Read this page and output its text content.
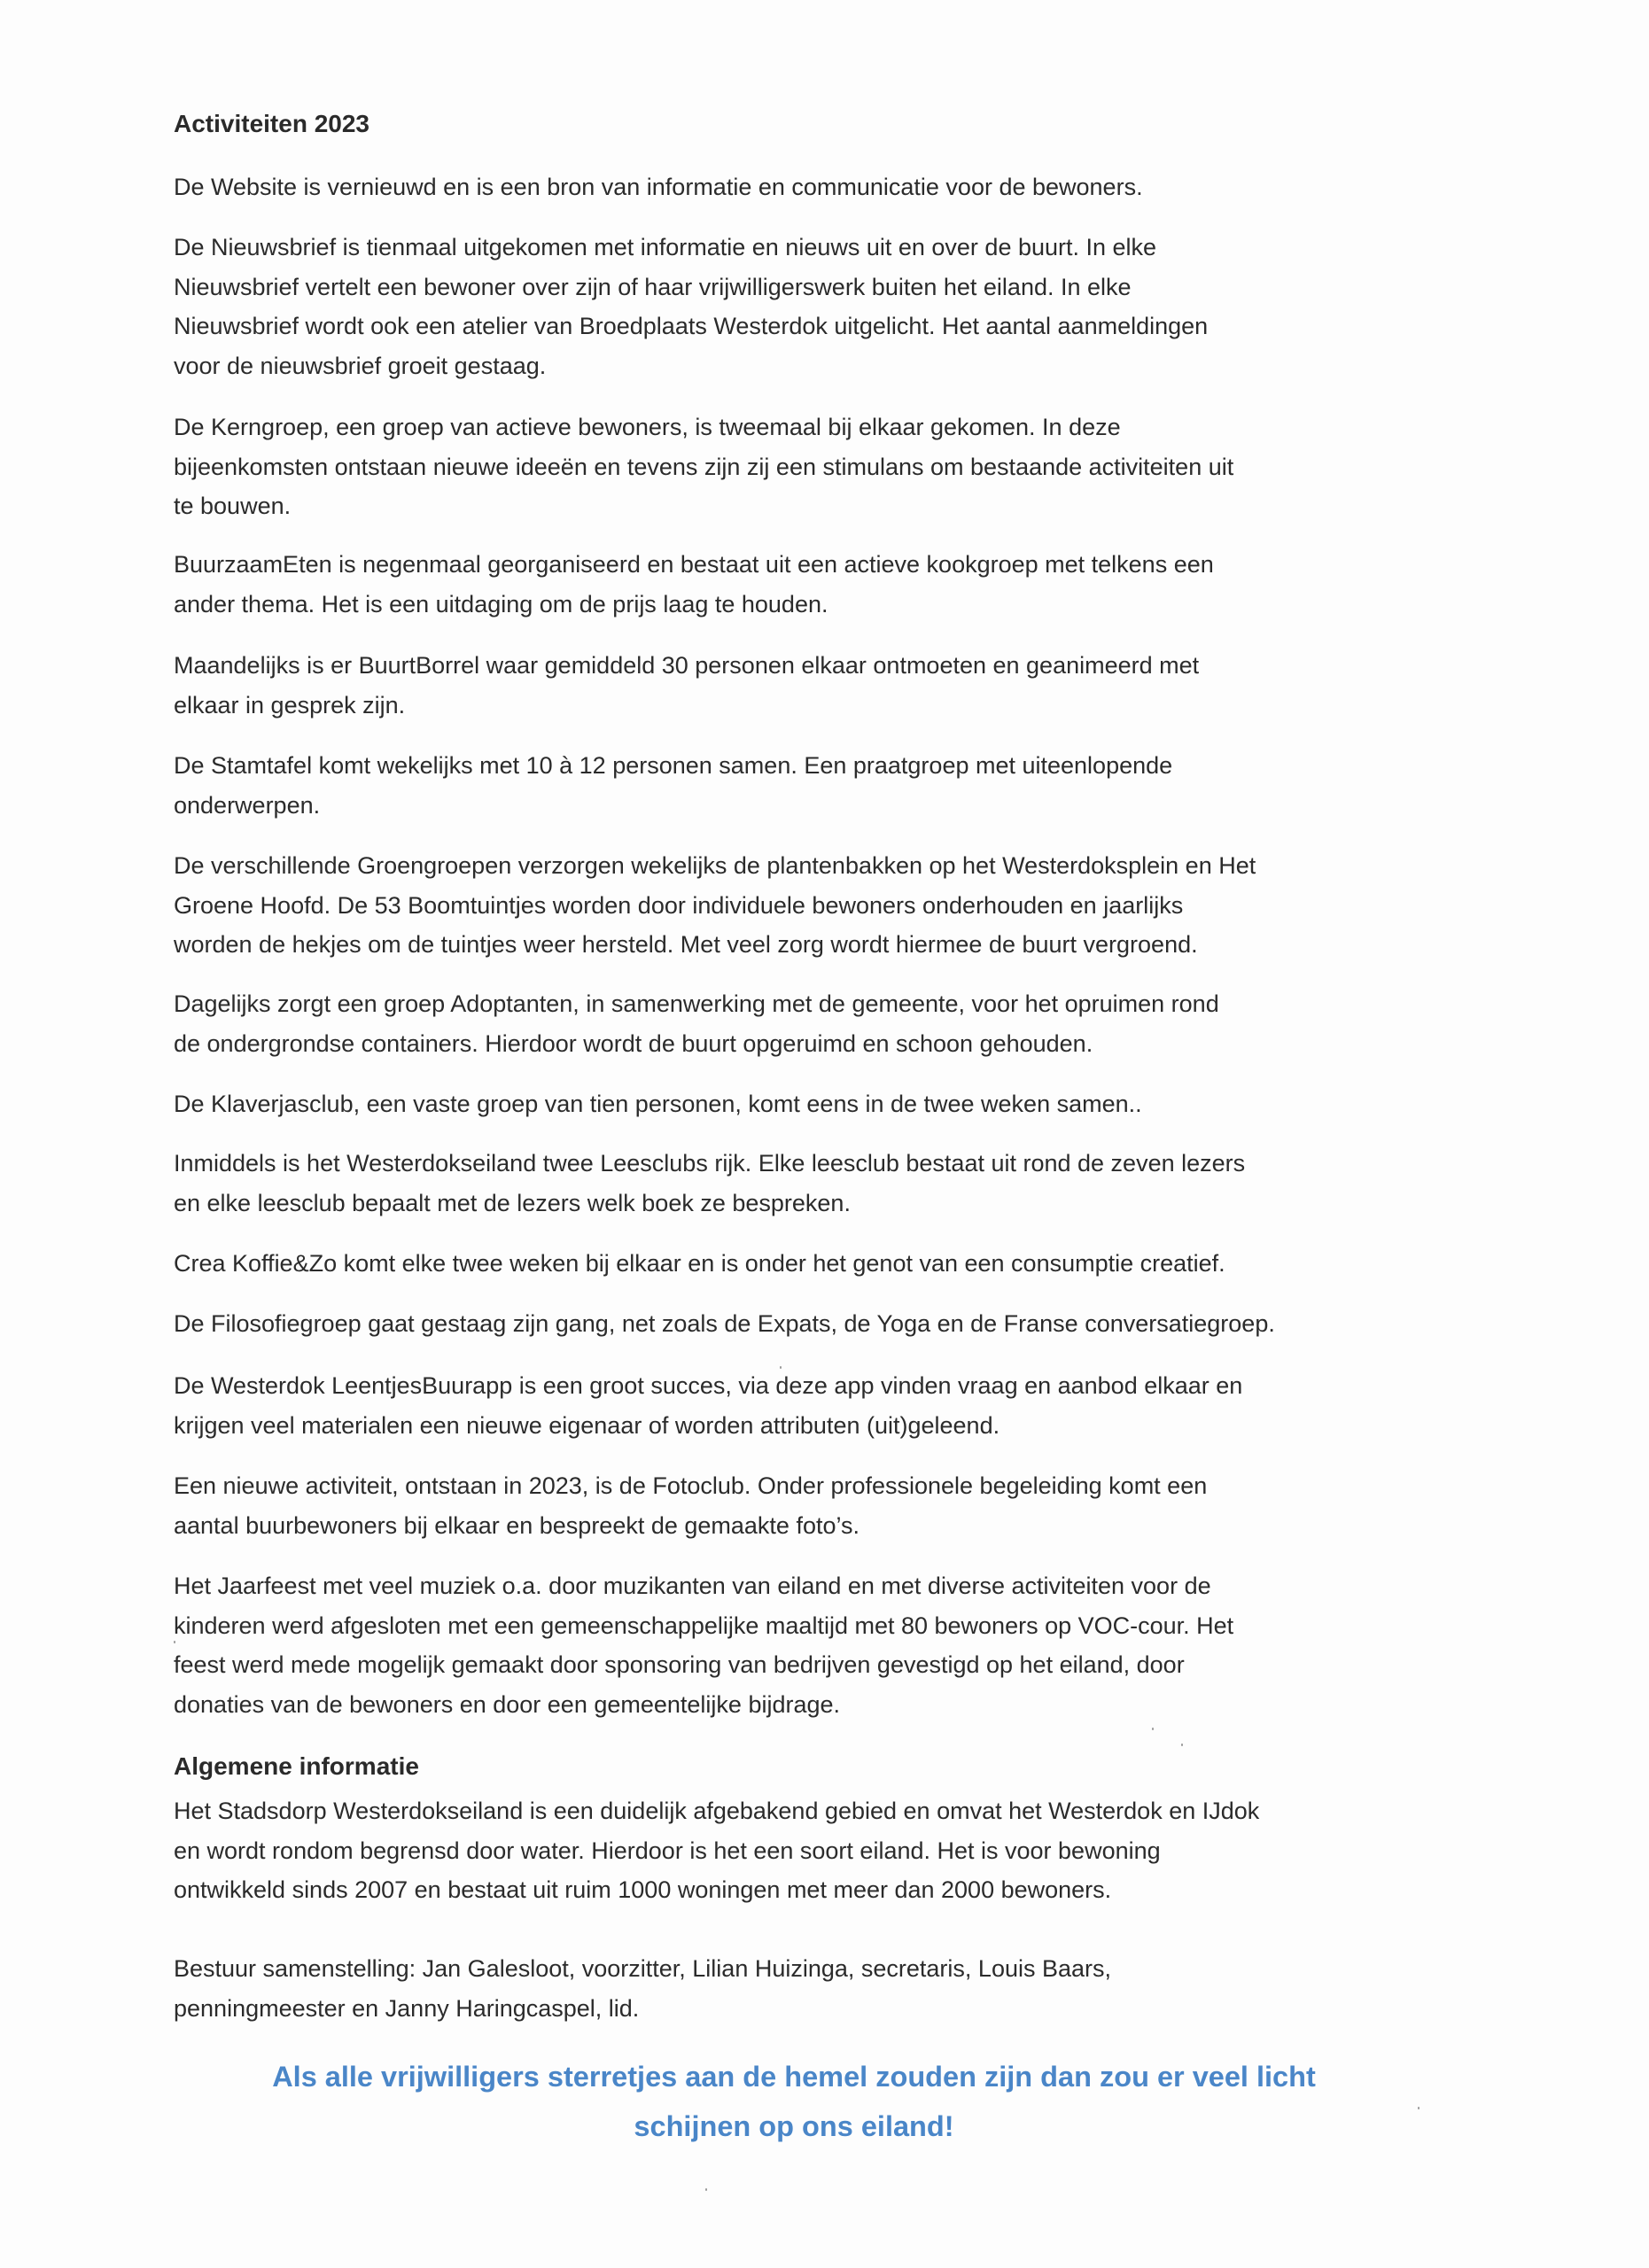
Activiteiten 2023

De Website is vernieuwd en is een bron van informatie en communicatie voor de bewoners.

De Nieuwsbrief is tienmaal uitgekomen met informatie en nieuws uit en over de buurt. In elke
Nieuwsbrief vertelt een bewoner over zijn of haar vrijwilligerswerk buiten het eiland. In elke
Nieuwsbrief wordt ook een atelier van Broedplaats Westerdok uitgelicht. Het aantal aanmeldingen
voor de nieuwsbrief groeit gestaag.

De Kerngroep, een groep van actieve bewoners, is tweemaal bij elkaar gekomen. In deze
bijeenkomsten ontstaan nieuwe ideeën en tevens zijn zij een stimulans om bestaande activiteiten uit
te bouwen.

BuurzaamEten is negenmaal georganiseerd en bestaat uit een actieve kookgroep met telkens een
ander thema. Het is een uitdaging om de prijs laag te houden.

Maandelijks is er BuurtBorrel waar gemiddeld 30 personen elkaar ontmoeten en geanimeerd met
elkaar in gesprek zijn.

De Stamtafel komt wekelijks met 10 à 12 personen samen. Een praatgroep met uiteenlopende
onderwerpen.

De verschillende Groengroepen verzorgen wekelijks de plantenbakken op het Westerdoksplein en Het
Groene Hoofd. De 53 Boomtuintjes worden door individuele bewoners onderhouden en jaarlijks
worden de hekjes om de tuintjes weer hersteld. Met veel zorg wordt hiermee de buurt vergroend.

Dagelijks zorgt een groep Adoptanten, in samenwerking met de gemeente, voor het opruimen rond
de ondergrondse containers. Hierdoor wordt de buurt opgeruimd en schoon gehouden.

De Klaverjasclub, een vaste groep van tien personen, komt eens in de twee weken samen..

Inmiddels is het Westerdokseiland twee Leesclubs rijk. Elke leesclub bestaat uit rond de zeven lezers
en elke leesclub bepaalt met de lezers welk boek ze bespreken.

Crea Koffie&Zo komt elke twee weken bij elkaar en is onder het genot van een consumptie creatief.

De Filosofiegroep gaat gestaag zijn gang, net zoals de Expats, de Yoga en de Franse conversatiegroep.

De Westerdok LeentjesBuurapp is een groot succes, via deze app vinden vraag en aanbod elkaar en
krijgen veel materialen een nieuwe eigenaar of worden attributen (uit)geleend.

Een nieuwe activiteit, ontstaan in 2023, is de Fotoclub. Onder professionele begeleiding komt een
aantal buurbewoners bij elkaar en bespreekt de gemaakte foto’s.

Het Jaarfeest met veel muziek o.a. door muzikanten van eiland en met diverse activiteiten voor de
kinderen werd afgesloten met een gemeenschappelijke maaltijd met 80 bewoners op VOC-cour. Het
feest werd mede mogelijk gemaakt door sponsoring van bedrijven gevestigd op het eiland, door
donaties van de bewoners en door een gemeentelijke bijdrage.

Algemene informatie

Het Stadsdorp Westerdokseiland is een duidelijk afgebakend gebied en omvat het Westerdok en IJdok
en wordt rondom begrensd door water. Hierdoor is het een soort eiland. Het is voor bewoning
ontwikkeld sinds 2007 en bestaat uit ruim 1000 woningen met meer dan 2000 bewoners.

Bestuur samenstelling: Jan Galesloot, voorzitter, Lilian Huizinga, secretaris, Louis Baars,
penningmeester en Janny Haringcaspel, lid.

Als alle vrijwilligers sterretjes aan de hemel zouden zijn dan zou er veel licht
schijnen op ons eiland!
